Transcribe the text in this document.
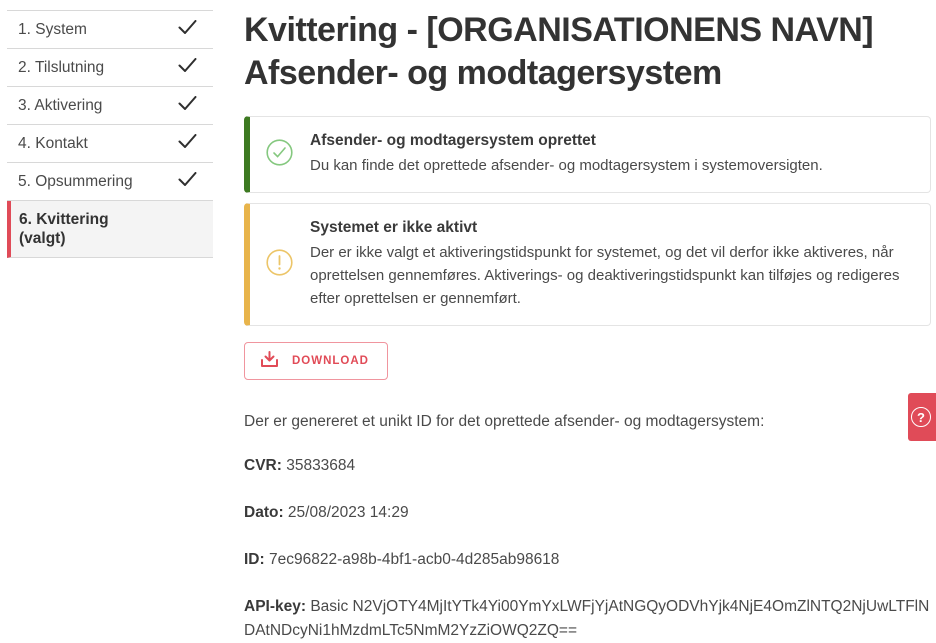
1. System
2. Tilslutning
3. Aktivering
4. Kontakt
5. Opsummering
6. Kvittering (valgt)
Kvittering - [ORGANISATIONENS NAVN] Afsender- og modtagersystem
Afsender- og modtagersystem oprettet
Du kan finde det oprettede afsender- og modtagersystem i systemoversigten.
Systemet er ikke aktivt
Der er ikke valgt et aktiveringstidspunkt for systemet, og det vil derfor ikke aktiveres, når oprettelsen gennemføres. Aktiverings- og deaktiveringstidspunkt kan tilføjes og redigeres efter oprettelsen er gennemført.
DOWNLOAD

Der er genereret et unikt ID for det oprettede afsender- og modtagersystem:

CVR: 35833684
Dato: 25/08/2023 14:29
ID: 7ec96822-a98b-4bf1-acb0-4d285ab98618
API-key: Basic N2VjOTY4MjItYTk4Yi00YmYxLWFjYjAtNGQyODVhYjk4NjE4OmZlNTQ2NjUwLTFlNDAtNDcyNi1hMzdmLTc5NmM2YzZiOWQ2ZQ==
?
